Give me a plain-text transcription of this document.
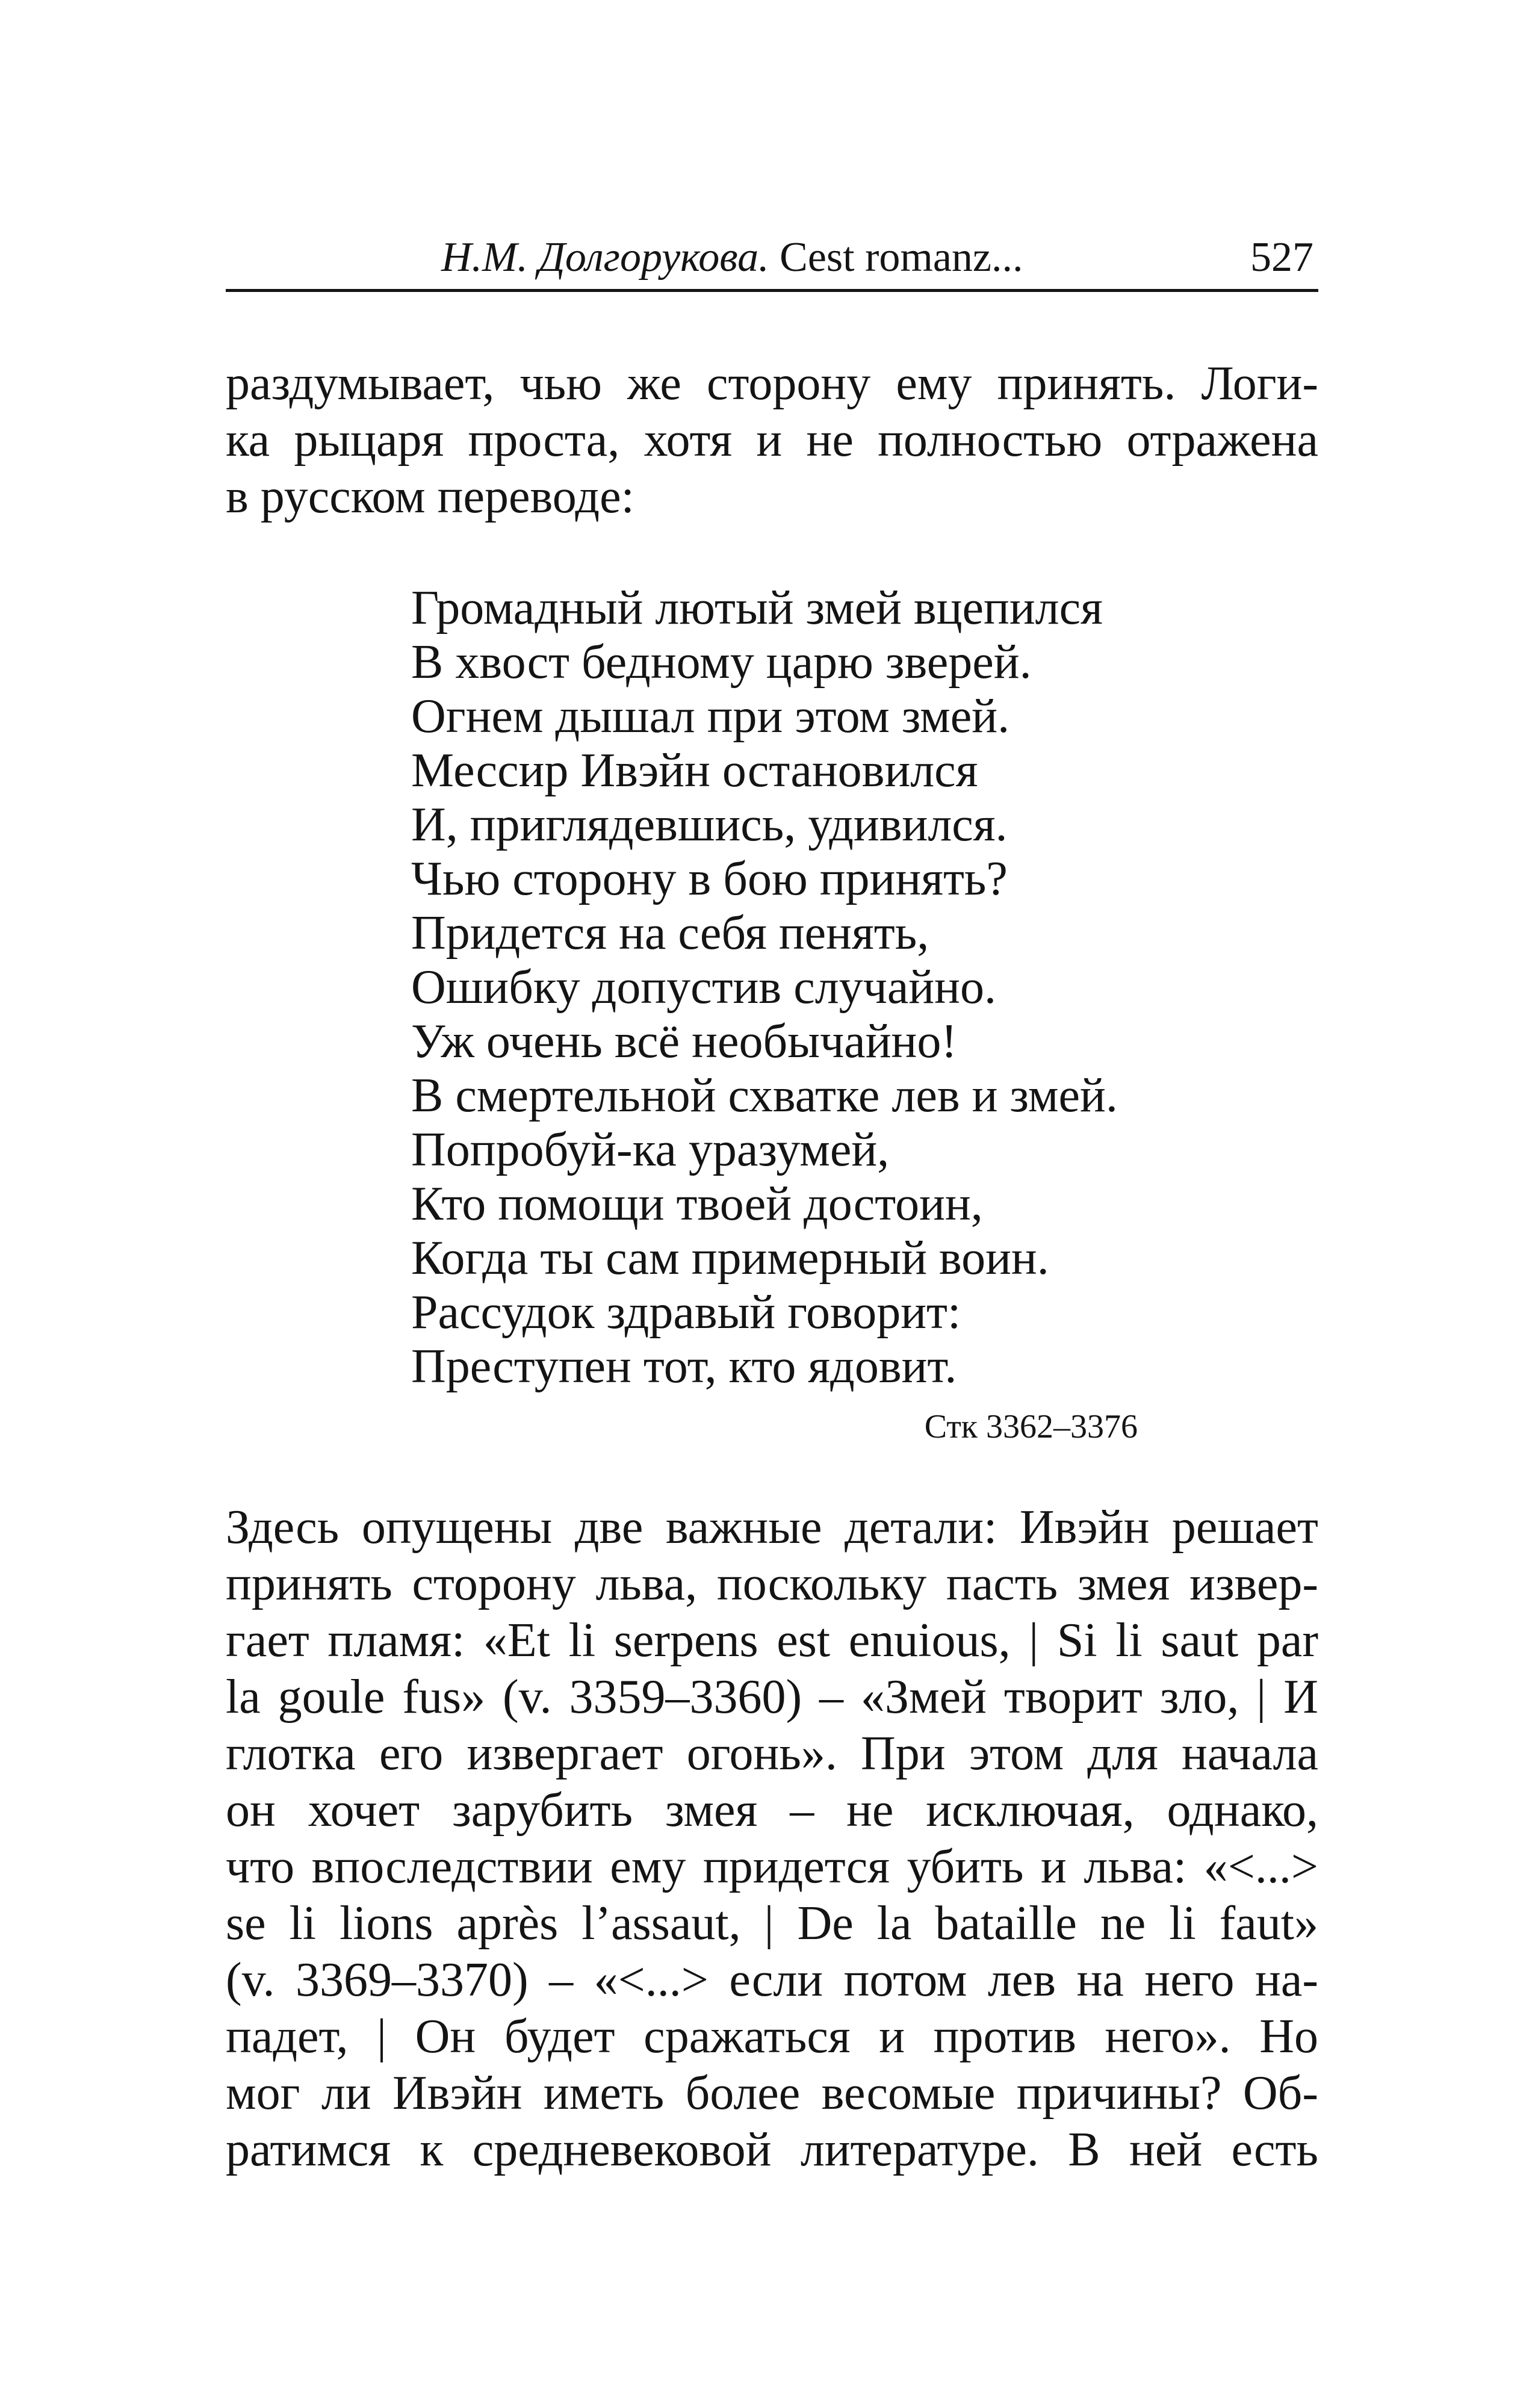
Н.М. Долгорукова. Cest romanz...	527
раздумывает, чью же сторону ему принять. Логи-
ка рыцаря проста, хотя и не полностью отражена
в русском переводе:
Громадный лютый змей вцепился
В хвост бедному царю зверей.
Огнем дышал при этом змей.
Мессир Ивэйн остановился
И, приглядевшись, удивился.
Чью сторону в бою принять?
Придется на себя пенять,
Ошибку допустив случайно.
Уж очень всё необычайно!
В смертельной схватке лев и змей.
Попробуй-ка уразумей,
Кто помощи твоей достоин,
Когда ты сам примерный воин.
Рассудок здравый говорит:
Преступен тот, кто ядовит.
Стк 3362–3376
Здесь опущены две важные детали: Ивэйн решает
принять сторону льва, поскольку пасть змея извер-
гает пламя: «Et li serpens est enuious, | Si li saut par
la goule fus» (v. 3359–3360) – «Змей творит зло, | И
глотка его извергает огонь». При этом для начала
он хочет зарубить змея – не исключая, однако,
что впоследствии ему придется убить и льва: «<...>
se li lions après l’assaut, | De la bataille ne li faut»
(v. 3369–3370) – «<...> если потом лев на него на-
падет, | Он будет сражаться и против него». Но
мог ли Ивэйн иметь более весомые причины? Об-
ратимся к средневековой литературе. В ней есть
